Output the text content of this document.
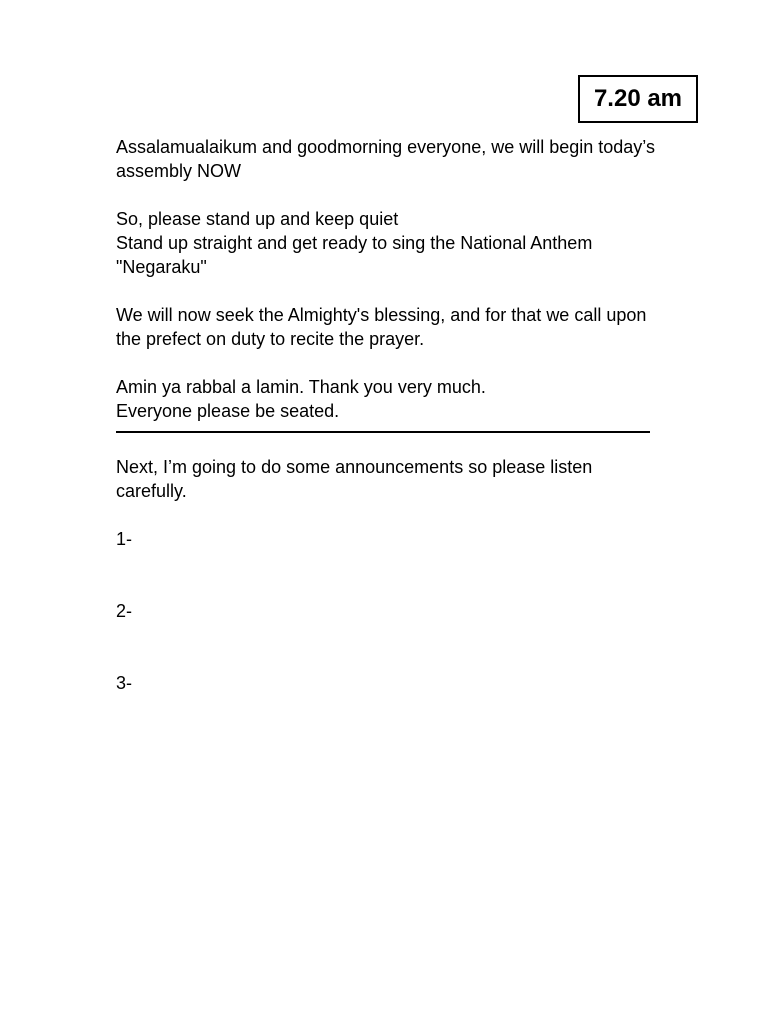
7.20 am

Assalamualaikum and goodmorning everyone, we will begin today’s assembly NOW

So, please stand up and keep quiet

Stand up straight and get ready to sing the National Anthem "Negaraku"

We will now seek the Almighty's blessing, and for that we call upon the prefect on duty to recite the prayer.

Amin ya rabbal a lamin. Thank you very much.

Everyone please be seated.

Next, I’m going to do some announcements so please listen carefully.

1-

2-

3-
